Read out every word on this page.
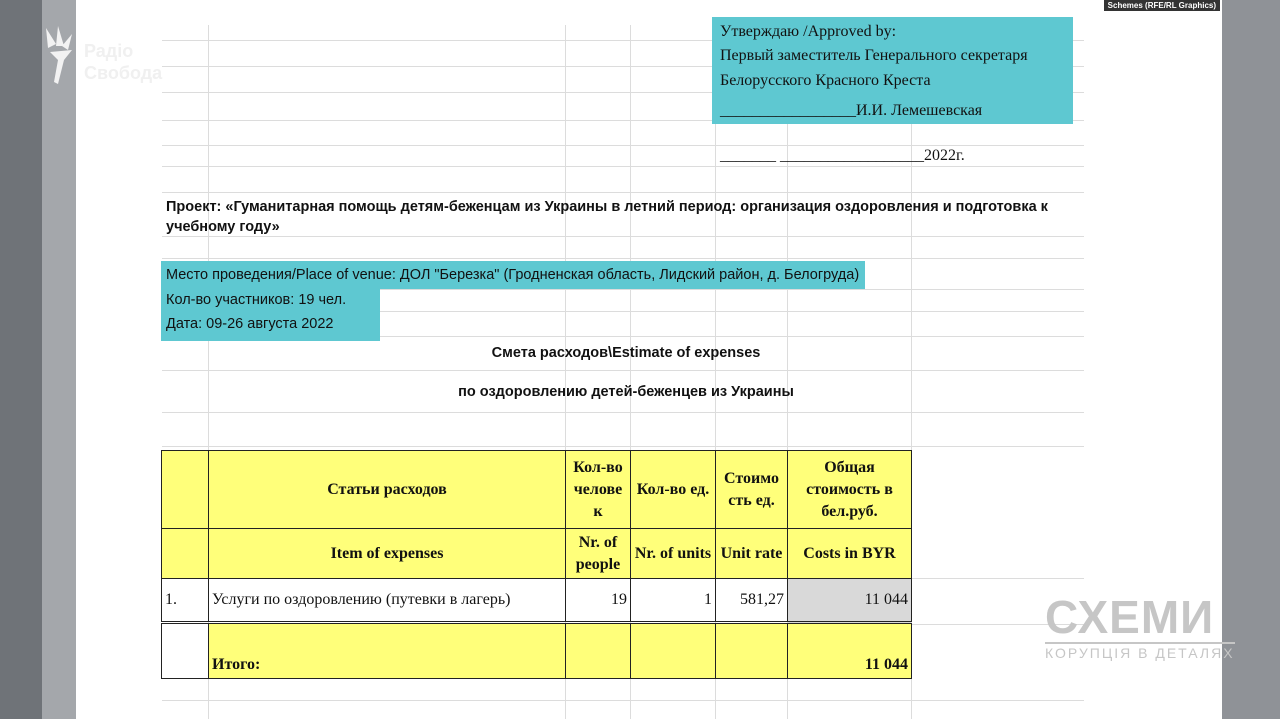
Schemes (RFE/RL Graphics)
Радіо
Свобода
Утверждаю /Approved by:
Первый заместитель Генерального секретаря
Белорусского Красного Креста
_________________И.И. Лемешевская
_______ __________________2022г.
Проект: «Гуманитарная помощь детям-беженцам из Украины в летний период: организация оздоровления и подготовка к учебному году»
Место проведения/Place of venue: ДОЛ "Березка" (Гродненская область, Лидский район, д. Белогруда)
Кол-во участников: 19 чел.
Дата: 09-26 августа 2022
Смета расходов\Estimate of expenses
по оздоровлению детей-беженцев из Украины
	Статьи расходов	Кол-во челове к	Кол-во ед.	Стоимо сть ед.	Общая стоимость в бел.руб.
	Item of expenses	Nr. of people	Nr. of units	Unit rate	Costs in BYR
1.	Услуги по оздоровлению (путевки в лагерь)	19	1	581,27	11 044
	Итого:				11 044
СХЕМИ
КОРУПЦІЯ В ДЕТАЛЯХ
